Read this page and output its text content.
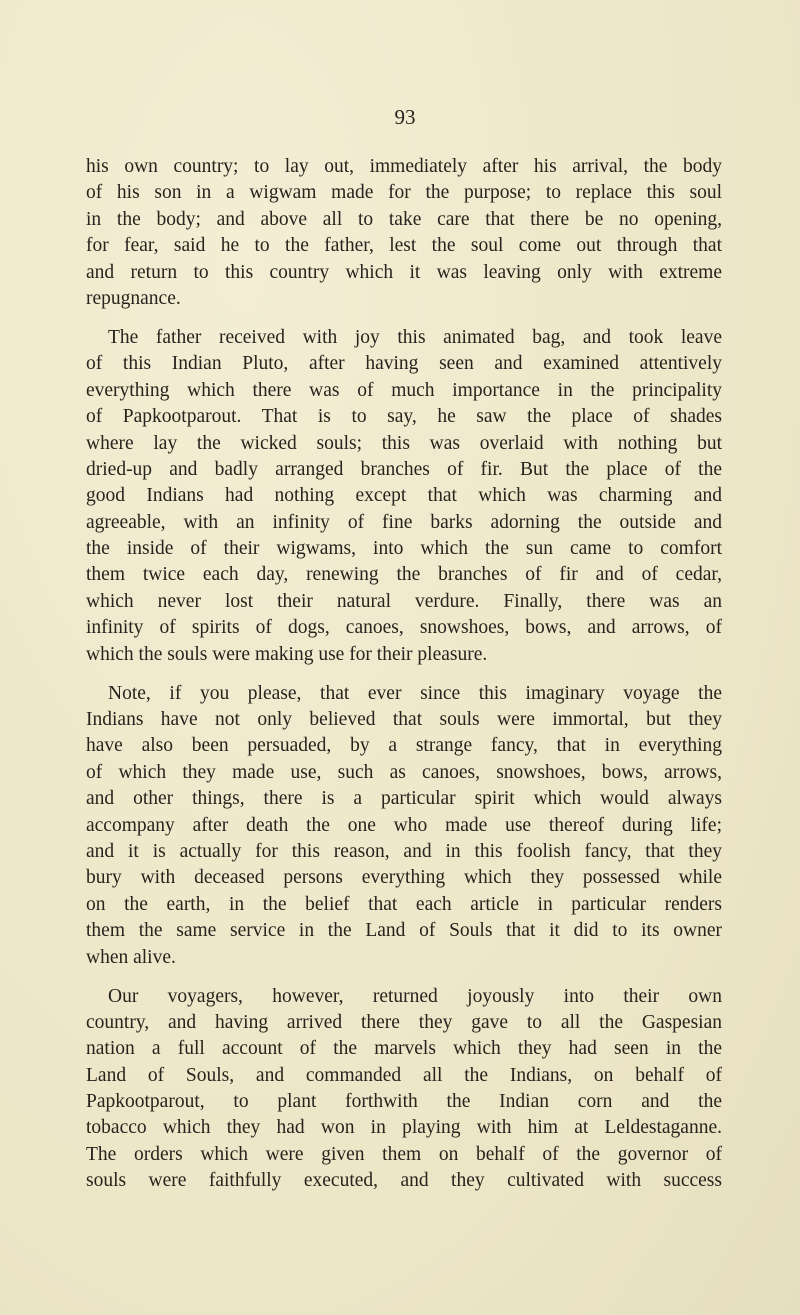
93
his own country; to lay out, immediately after his arrival, the body
of his son in a wigwam made for the purpose; to replace this soul
in the body; and above all to take care that there be no opening,
for fear, said he to the father, lest the soul come out through that
and return to this country which it was leaving only with extreme
repugnance.
The father received with joy this animated bag, and took leave
of this Indian Pluto, after having seen and examined attentively
everything which there was of much importance in the principality
of Papkootparout. That is to say, he saw the place of shades
where lay the wicked souls; this was overlaid with nothing but
dried-up and badly arranged branches of fir. But the place of the
good Indians had nothing except that which was charming and
agreeable, with an infinity of fine barks adorning the outside and
the inside of their wigwams, into which the sun came to comfort
them twice each day, renewing the branches of fir and of cedar,
which never lost their natural verdure. Finally, there was an
infinity of spirits of dogs, canoes, snowshoes, bows, and arrows, of
which the souls were making use for their pleasure.
Note, if you please, that ever since this imaginary voyage the
Indians have not only believed that souls were immortal, but they
have also been persuaded, by a strange fancy, that in everything
of which they made use, such as canoes, snowshoes, bows, arrows,
and other things, there is a particular spirit which would always
accompany after death the one who made use thereof during life;
and it is actually for this reason, and in this foolish fancy, that they
bury with deceased persons everything which they possessed while
on the earth, in the belief that each article in particular renders
them the same service in the Land of Souls that it did to its owner
when alive.
Our voyagers, however, returned joyously into their own
country, and having arrived there they gave to all the Gaspesian
nation a full account of the marvels which they had seen in the
Land of Souls, and commanded all the Indians, on behalf of
Papkootparout, to plant forthwith the Indian corn and the
tobacco which they had won in playing with him at Leldestaganne.
The orders which were given them on behalf of the governor of
souls were faithfully executed, and they cultivated with success
